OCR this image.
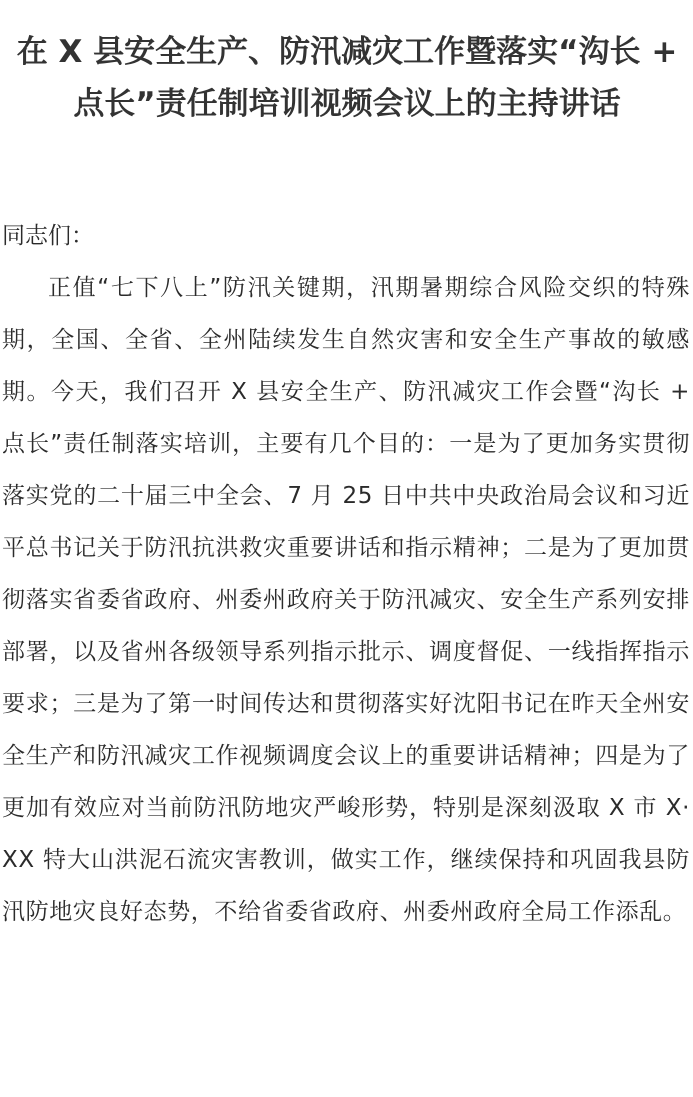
在 X 县安全生产、防汛减灾工作暨落实“沟长 + 点长”责任制培训视频会议上的主持讲话

同志们：

正值“七下八上”防汛关键期，汛期暑期综合风险交织的特殊期，全国、全省、全州陆续发生自然灾害和安全生产事故的敏感期。今天，我们召开 X 县安全生产、防汛减灾工作会暨“沟长 + 点长”责任制落实培训，主要有几个目的：一是为了更加务实贯彻落实党的二十届三中全会、7 月 25 日中共中央政治局会议和习近平总书记关于防汛抗洪救灾重要讲话和指示精神；二是为了更加贯彻落实省委省政府、州委州政府关于防汛减灾、安全生产系列安排部署，以及省州各级领导系列指示批示、调度督促、一线指挥指示要求；三是为了第一时间传达和贯彻落实好沈阳书记在昨天全州安全生产和防汛减灾工作视频调度会议上的重要讲话精神；四是为了更加有效应对当前防汛防地灾严峻形势，特别是深刻汲取 X 市 X·XX 特大山洪泥石流灾害教训，做实工作，继续保持和巩固我县防汛防地灾良好态势，不给省委省政府、州委州政府全局工作添乱。
